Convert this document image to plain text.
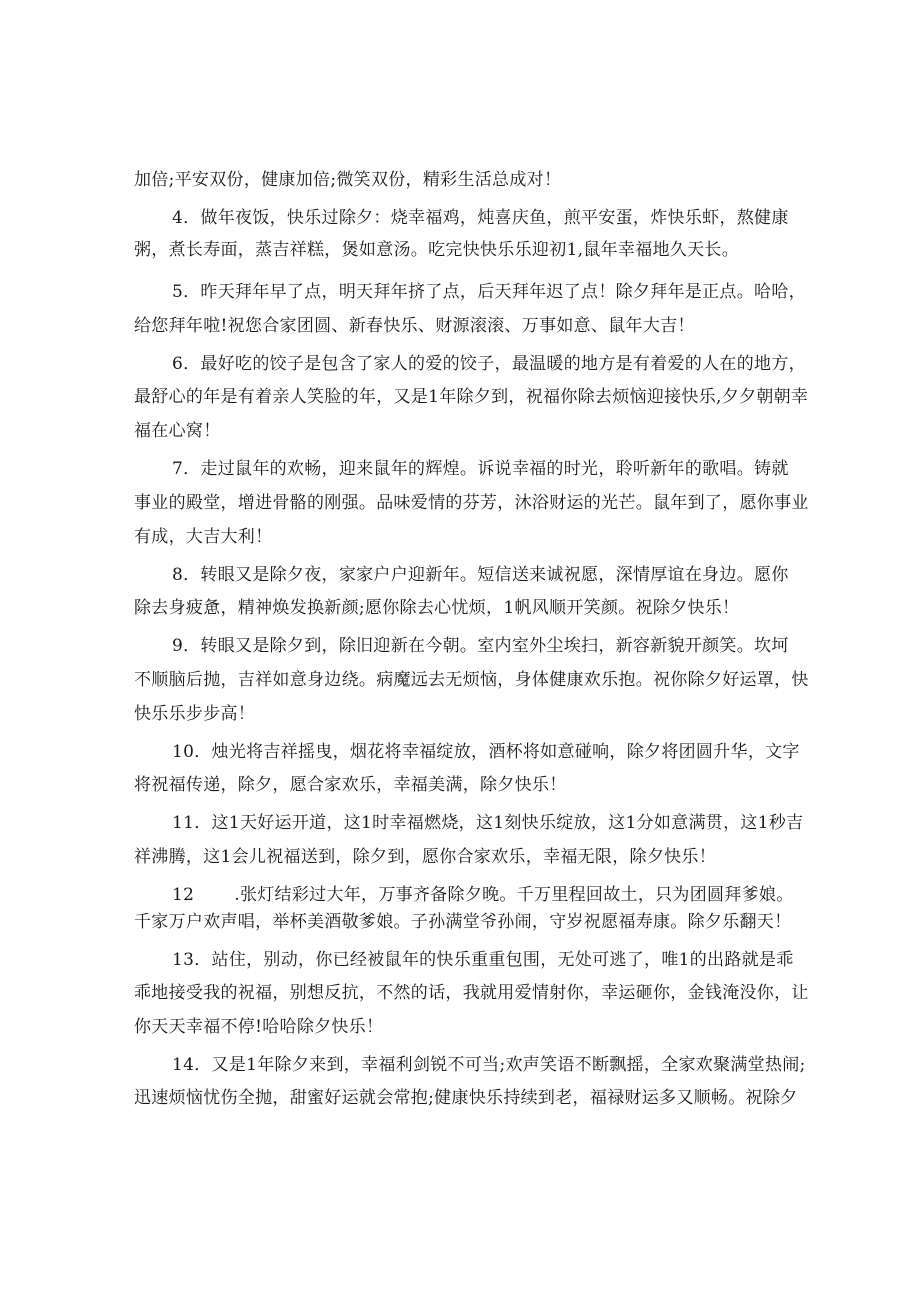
加倍;平安双份，健康加倍;微笑双份，精彩生活总成对！
4．做年夜饭，快乐过除夕：烧幸福鸡，炖喜庆鱼，煎平安蛋，炸快乐虾，熬健康
粥，煮长寿面，蒸吉祥糕，煲如意汤。吃完快快乐乐迎初1,鼠年幸福地久天长。
5．昨天拜年早了点，明天拜年挤了点，后天拜年迟了点！除夕拜年是正点。哈哈，
给您拜年啦!祝您合家团圆、新春快乐、财源滚滚、万事如意、鼠年大吉！
6．最好吃的饺子是包含了家人的爱的饺子，最温暖的地方是有着爱的人在的地方，
最舒心的年是有着亲人笑脸的年，又是1年除夕到，祝福你除去烦恼迎接快乐,夕夕朝朝幸
福在心窝！
7．走过鼠年的欢畅，迎来鼠年的辉煌。诉说幸福的时光，聆听新年的歌唱。铸就
事业的殿堂，增进骨骼的刚强。品味爱情的芬芳，沐浴财运的光芒。鼠年到了，愿你事业
有成，大吉大利！
8．转眼又是除夕夜，家家户户迎新年。短信送来诚祝愿，深情厚谊在身边。愿你
除去身疲惫，精神焕发换新颜;愿你除去心忧烦，1帆风顺开笑颜。祝除夕快乐！
9．转眼又是除夕到，除旧迎新在今朝。室内室外尘埃扫，新容新貌开颜笑。坎坷
不顺脑后抛，吉祥如意身边绕。病魔远去无烦恼，身体健康欢乐抱。祝你除夕好运罩，快
快乐乐步步高！
10．烛光将吉祥摇曳，烟花将幸福绽放，酒杯将如意碰响，除夕将团圆升华，文字
将祝福传递，除夕，愿合家欢乐，幸福美满，除夕快乐！
11．这1天好运开道，这1时幸福燃烧，这1刻快乐绽放，这1分如意满贯，这1秒吉
祥沸腾，这1会儿祝福送到，除夕到，愿你合家欢乐，幸福无限，除夕快乐！
12 .张灯结彩过大年，万事齐备除夕晚。千万里程回故土，只为团圆拜爹娘。
千家万户欢声唱，举杯美酒敬爹娘。子孙满堂爷孙闹，守岁祝愿福寿康。除夕乐翻天！
13．站住，别动，你已经被鼠年的快乐重重包围，无处可逃了，唯1的出路就是乖
乖地接受我的祝福，别想反抗，不然的话，我就用爱情射你，幸运砸你，金钱淹没你，让
你天天幸福不停!哈哈除夕快乐！
14．又是1年除夕来到，幸福利剑锐不可当;欢声笑语不断飘摇，全家欢聚满堂热闹;
迅速烦恼忧伤全抛，甜蜜好运就会常抱;健康快乐持续到老，福禄财运多又顺畅。祝除夕
